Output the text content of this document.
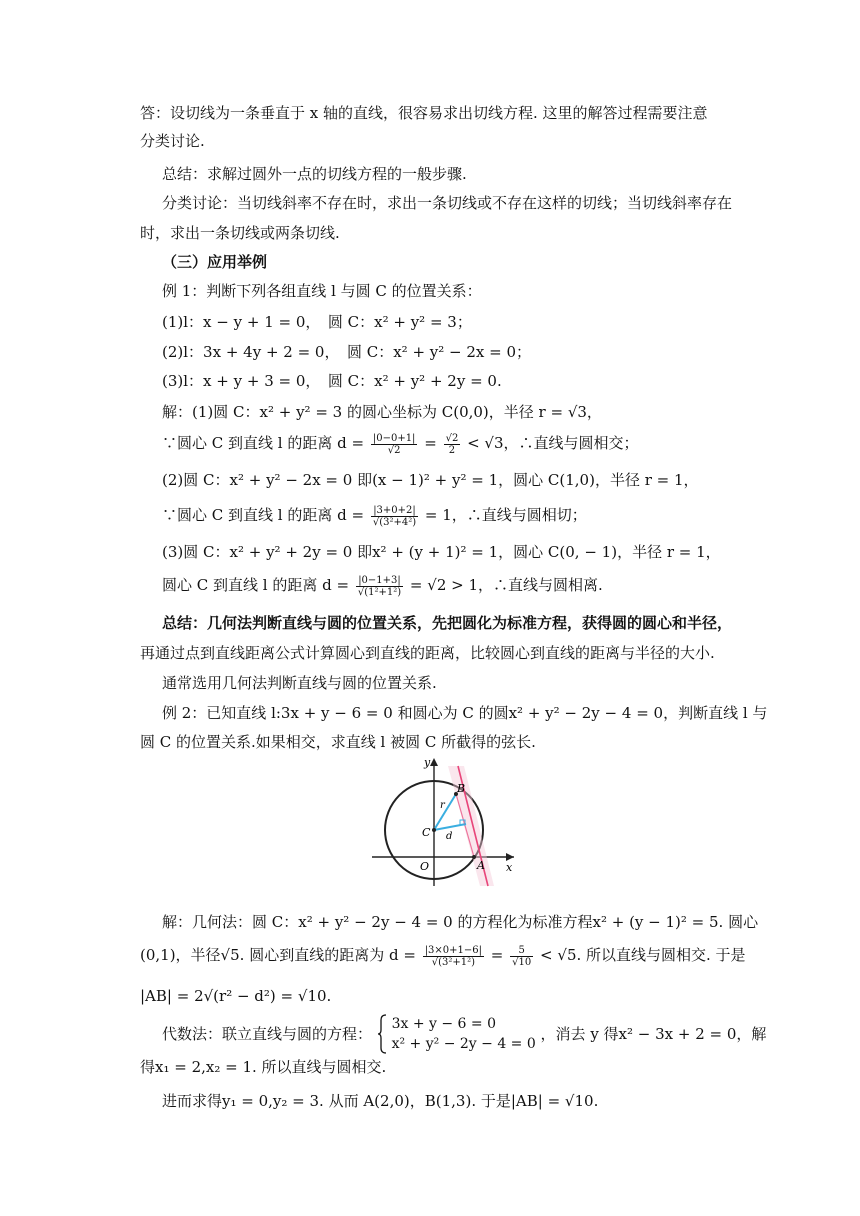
答：设切线为一条垂直于 x 轴的直线，很容易求出切线方程. 这里的解答过程需要注意
分类讨论.
总结：求解过圆外一点的切线方程的一般步骤.
分类讨论：当切线斜率不存在时，求出一条切线或不存在这样的切线；当切线斜率存在
时，求出一条切线或两条切线.
（三）应用举例
例 1：判断下列各组直线 l 与圆 C 的位置关系：
(1)l：x − y + 1 = 0，　圆 C：x² + y² = 3；
(2)l：3x + 4y + 2 = 0，　圆 C：x² + y² − 2x = 0；
(3)l：x + y + 3 = 0，　圆 C：x² + y² + 2y = 0.
解：(1)圆 C：x² + y² = 3 的圆心坐标为 C(0,0)，半径 r = √3，
∵圆心 C 到直线 l 的距离 $d = \frac{|0-0+1|}{√2} = \frac{√2}{2} < √3$，∴直线与圆相交；
(2)圆 C：x² + y² − 2x = 0 即(x − 1)² + y² = 1，圆心 C(1,0)，半径 r = 1，
∵圆心 C 到直线 l 的距离 $d = \frac{|3+0+2|}{\text{√(3²+4²)}} = 1$，∴直线与圆相切；
(3)圆 C：x² + y² + 2y = 0 即x² + (y + 1)² = 1，圆心 C(0, − 1)，半径 r = 1，
圆心 C 到直线 l 的距离 $d = \frac{|0-1+3|}{\text{√(1²+1²)}} = √2 > 1$，∴直线与圆相离.
总结：几何法判断直线与圆的位置关系，先把圆化为标准方程，获得圆的圆心和半径，
再通过点到直线距离公式计算圆心到直线的距离，比较圆心到直线的距离与半径的大小.
通常选用几何法判断直线与圆的位置关系.
例 2：已知直线 l:3x + y − 6 = 0 和圆心为 C 的圆x² + y² − 2y − 4 = 0，判断直线 l 与
圆 C 的位置关系.如果相交，求直线 l 被圆 C 所截得的弦长.
y
x
O	A
B
C
r
d
解：几何法：圆 C：x² + y² − 2y − 4 = 0 的方程化为标准方程x² + (y − 1)² = 5. 圆心
(0,1)，半径√5. 圆心到直线的距离为 $d = \frac{|3\times 0+1-6|}{\text{√(3²+1²)}} = \frac{5}{√10} < √5$. 所以直线与圆相交. 于是
|AB| = 2√(r² − d²) = √10.
代数法：联立直线与圆的方程：
3x + y − 6 = 0
x² + y² − 2y − 4 = 0
，消去 y 得x² − 3x + 2 = 0，解
得x₁ = 2,x₂ = 1. 所以直线与圆相交.
进而求得y₁ = 0,y₂ = 3. 从而 A(2,0)，B(1,3). 于是|AB| = √10.
